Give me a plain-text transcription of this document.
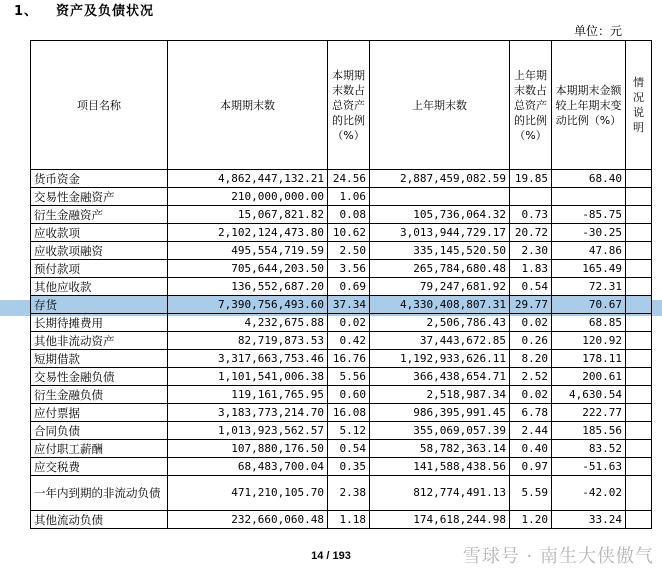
1、 资产及负债状况
单位：元
项目名称	本期期末数	本期期末数占总资产的比例（%）	上年期末数	上年期末数占总资产的比例（%）	本期期末金额较上年期末变动比例（%）	情况说明
货币资金	4,862,447,132.21	24.56	2,887,459,082.59	19.85	68.40	
交易性金融资产	210,000,000.00	1.06				
衍生金融资产	15,067,821.82	0.08	105,736,064.32	0.73	-85.75	
应收款项	2,102,124,473.80	10.62	3,013,944,729.17	20.72	-30.25	
应收款项融资	495,554,719.59	2.50	335,145,520.50	2.30	47.86	
预付款项	705,644,203.50	3.56	265,784,680.48	1.83	165.49	
其他应收款	136,552,687.20	0.69	79,247,681.92	0.54	72.31	
存货	7,390,756,493.60	37.34	4,330,408,807.31	29.77	70.67	
长期待摊费用	4,232,675.88	0.02	2,506,786.43	0.02	68.85	
其他非流动资产	82,719,873.53	0.42	37,443,672.85	0.26	120.92	
短期借款	3,317,663,753.46	16.76	1,192,933,626.11	8.20	178.11	
交易性金融负债	1,101,541,006.38	5.56	366,438,654.71	2.52	200.61	
衍生金融负债	119,161,765.95	0.60	2,518,987.34	0.02	4,630.54	
应付票据	3,183,773,214.70	16.08	986,395,991.45	6.78	222.77	
合同负债	1,013,923,562.57	5.12	355,069,057.39	2.44	185.56	
应付职工薪酬	107,880,176.50	0.54	58,782,363.14	0.40	83.52	
应交税费	68,483,700.04	0.35	141,588,438.56	0.97	-51.63	
一年内到期的非流动负债	471,210,105.70	2.38	812,774,491.13	5.59	-42.02	
其他流动负债	232,660,060.48	1.18	174,618,244.98	1.20	33.24	
14 / 193	雪球号 · 南生大侠傲气
